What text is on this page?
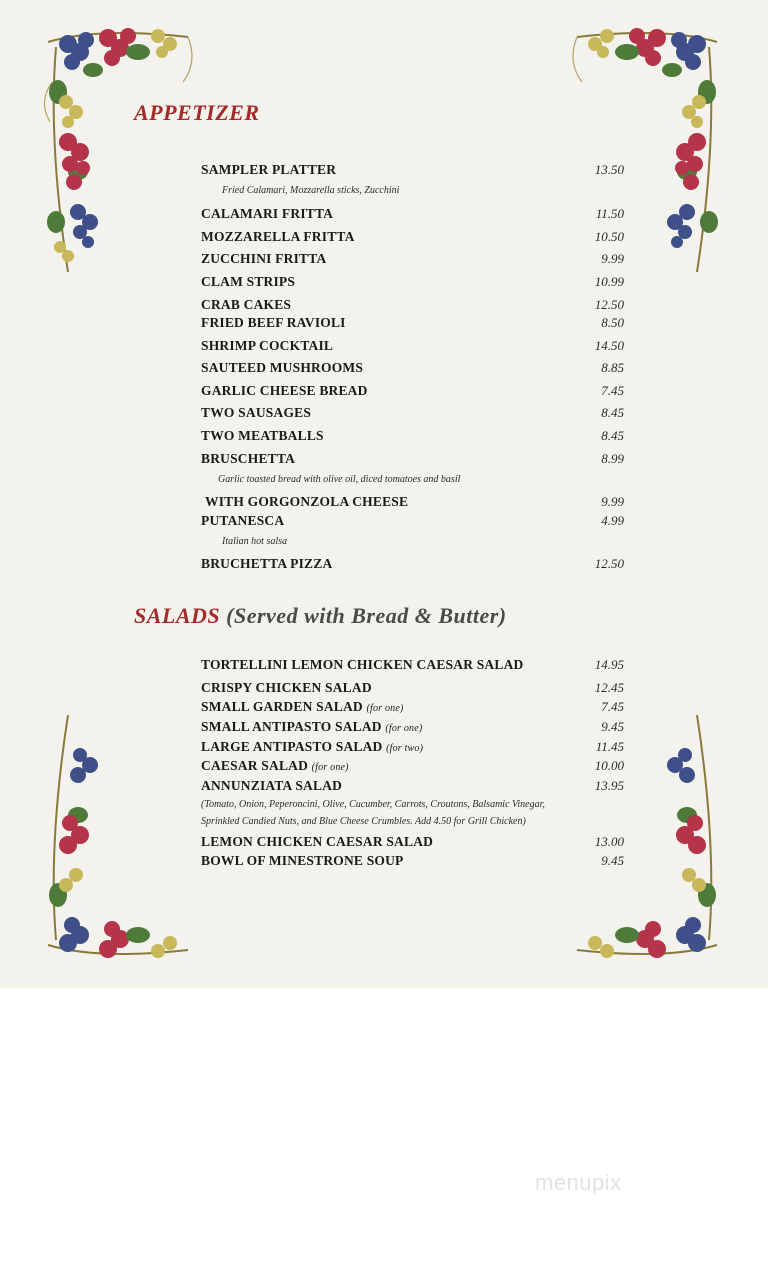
APPETIZER
SAMPLER PLATTER	13.50
Fried Calamari, Mozzarella sticks, Zucchini
CALAMARI FRITTA	11.50
MOZZARELLA FRITTA	10.50
ZUCCHINI FRITTA	9.99
CLAM STRIPS	10.99
CRAB CAKES	12.50
FRIED BEEF RAVIOLI	8.50
SHRIMP COCKTAIL	14.50
SAUTEED MUSHROOMS	8.85
GARLIC CHEESE BREAD	7.45
TWO SAUSAGES	8.45
TWO MEATBALLS	8.45
BRUSCHETTA	8.99
Garlic toasted bread with olive oil, diced tomatoes and basil
WITH GORGONZOLA CHEESE	9.99
PUTANESCA	4.99
Italian hot salsa
BRUCHETTA PIZZA	12.50
SALADS (Served with Bread & Butter)
TORTELLINI LEMON CHICKEN CAESAR SALAD	14.95
CRISPY CHICKEN SALAD	12.45
SMALL GARDEN SALAD (for one)	7.45
SMALL ANTIPASTO SALAD (for one)	9.45
LARGE ANTIPASTO SALAD (for two)	11.45
CAESAR SALAD (for one)	10.00
ANNUNZIATA SALAD	13.95
(Tomato, Onion, Peperoncini, Olive, Cucumber, Carrots, Croutons, Balsamic Vinegar,
Sprinkled Candied Nuts, and Blue Cheese Crumbles. Add 4.50 for Grill Chicken)
LEMON CHICKEN CAESAR SALAD	13.00
BOWL OF MINESTRONE SOUP	9.45
menupix
